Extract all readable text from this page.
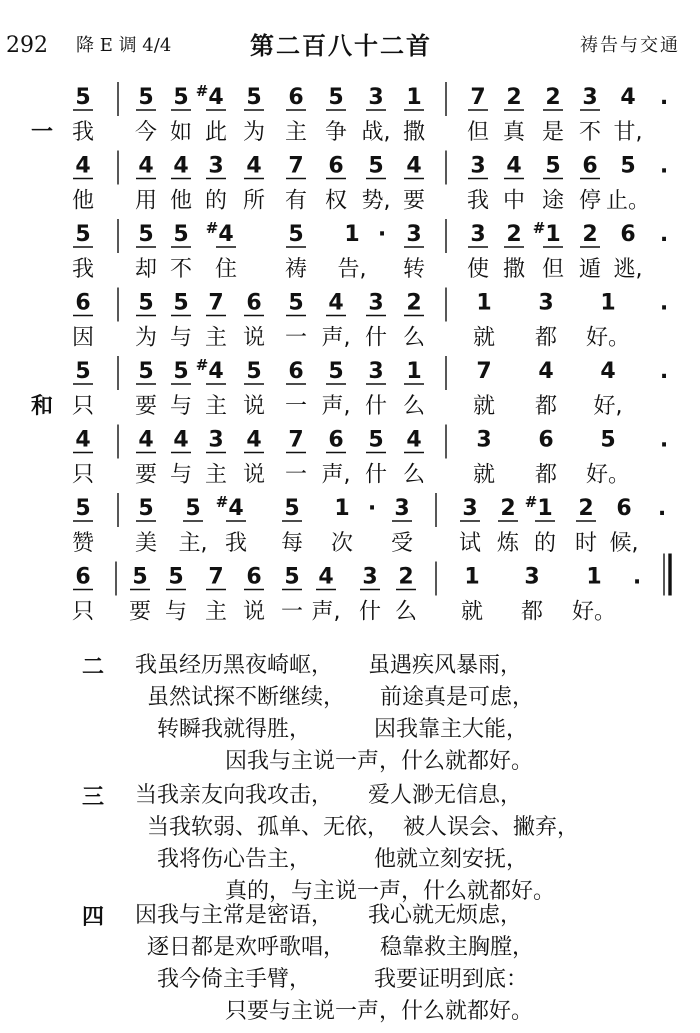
292 降 E 调 4/4	第二百八十二首	祷告与交通
5 5 5 # 4 5 6 5 3 1 7 2 2 3 4 .
我 今 如 此 为 主 争 战, 撒 但 真 是 不 甘,
4 4 4 3 4 7 6 5 4 3 4 5 6 5 .
他 用 他 的 所 有 权 势, 要 我 中 途 停 止。
5 5 5 # 4 5 1 · 3 3 2 # 1 2 6 .
我 却 不 住 祷 告, 转 使 撒 但 遁 逃,
6 5 5 7 6 5 4 3 2 1 3 1 .
因 为 与 主 说 一 声, 什 么 就 都 好。
5 5 5 # 4 5 6 5 3 1 7 4 4 .
只 要 与 主 说 一 声, 什 么 就 都 好,
4 4 4 3 4 7 6 5 4 3 6 5 .
只 要 与 主 说 一 声, 什 么 就 都 好。
5 5 5 # 4 5 1 · 3 3 2 # 1 2 6 .
赞 美 主, 我 每 次 受 试 炼 的 时 候,
6 5 5 7 6 5 4 3 2 1 3 1 .
只 要 与 主 说 一 声, 什 么 就 都 好。
一
和
二 我虽经历黑夜崎岖，     虽遇疾风暴雨，
虽然试探不断继续，     前途真是可虑，
转瞬我就得胜，         因我靠主大能，
因我与主说一声，什么就都好。
三 当我亲友向我攻击，     爱人渺无信息，
当我软弱、孤单、无依，  被人误会、撇弃，
我将伤心告主，         他就立刻安抚，
真的，与主说一声，什么就都好。
四 因我与主常是密语，     我心就无烦虑，
逐日都是欢呼歌唱，     稳靠救主胸膛，
我今倚主手臂，         我要证明到底：
只要与主说一声，什么就都好。
